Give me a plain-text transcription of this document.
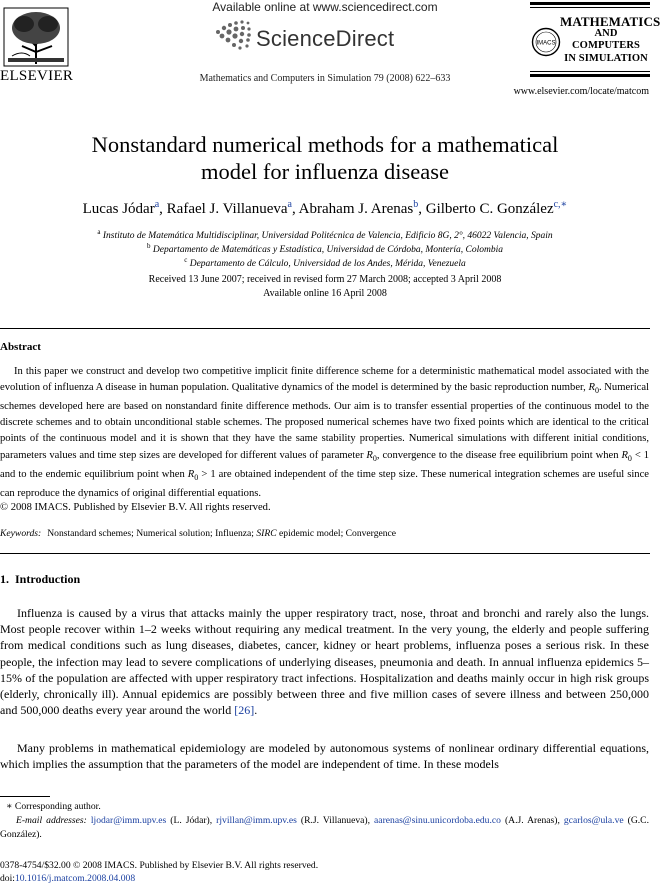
Available online at www.sciencedirect.com
ScienceDirect
ELSEVIER	Mathematics and Computers in Simulation 79 (2008) 622–633
IMACS
MATHEMATICS
AND
COMPUTERS
IN SIMULATION
www.elsevier.com/locate/matcom
Nonstandard numerical methods for a mathematical
model for influenza disease
Lucas Jódar$^a$, Rafael J. Villanueva$^a$, Abraham J. Arenas$^b$, Gilberto C. González$^{c,∗}$
$^a$ Instituto de Matemática Multidisciplinar, Universidad Politécnica de Valencia, Edificio 8G, 2°, 46022 Valencia, Spain
$^b$ Departamento de Matemáticas y Estadística, Universidad de Córdoba, Montería, Colombia
$^c$ Departamento de Cálculo, Universidad de los Andes, Mérida, Venezuela
Received 13 June 2007; received in revised form 27 March 2008; accepted 3 April 2008
Available online 16 April 2008
Abstract
In this paper we construct and develop two competitive implicit finite difference scheme for a deterministic mathematical model associated with the evolution of influenza A disease in human population. Qualitative dynamics of the model is determined by the basic reproduction number, $R_0$. Numerical schemes developed here are based on nonstandard finite difference methods. Our aim is to transfer essential properties of the continuous model to the discrete schemes and to obtain unconditional stable schemes. The proposed numerical schemes have two fixed points which are identical to the critical points of the continuous model and it is shown that they have the same stability properties. Numerical simulations with different initial conditions, parameters values and time step sizes are developed for different values of parameter $R_0$, convergence to the disease free equilibrium point when $R_0 < 1$ and to the endemic equilibrium point when $R_0 > 1$ are obtained independent of the time step size. These numerical integration schemes are useful since can reproduce the dynamics of original differential equations.
© 2008 IMACS. Published by Elsevier B.V. All rights reserved.
Keywords: Nonstandard schemes; Numerical solution; Influenza; SIRC epidemic model; Convergence
1. Introduction
Influenza is caused by a virus that attacks mainly the upper respiratory tract, nose, throat and bronchi and rarely also the lungs. Most people recover within 1–2 weeks without requiring any medical treatment. In the very young, the elderly and people suffering from medical conditions such as lung diseases, diabetes, cancer, kidney or heart problems, influenza poses a serious risk. In these people, the infection may lead to severe complications of underlying diseases, pneumonia and death. In annual influenza epidemics 5–15% of the population are affected with upper respiratory tract infections. Hospitalization and deaths mainly occur in high risk groups (elderly, chronically ill). Annual epidemics are possibly between three and five million cases of severe illness and between 250,000 and 500,000 deaths every year around the world [26].
Many problems in mathematical epidemiology are modeled by autonomous systems of nonlinear ordinary differential equations, which implies the assumption that the parameters of the model are independent of time. In these models
∗ Corresponding author.
E-mail addresses: ljodar@imm.upv.es (L. Jódar), rjvillan@imm.upv.es (R.J. Villanueva), aarenas@sinu.unicordoba.edu.co (A.J. Arenas), gcarlos@ula.ve (G.C. González).
0378-4754/$32.00 © 2008 IMACS. Published by Elsevier B.V. All rights reserved.
doi:10.1016/j.matcom.2008.04.008
